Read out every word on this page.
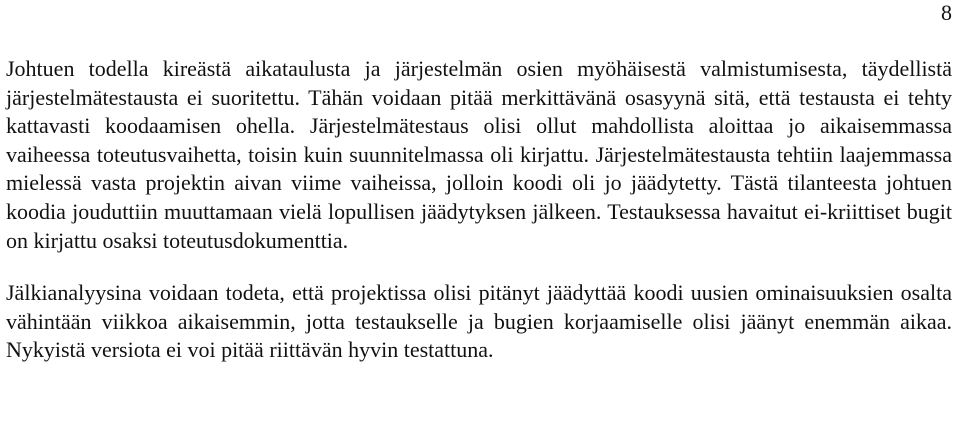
8

Johtuen todella kireästä aikataulusta ja järjestelmän osien myöhäisestä valmistumisesta, täydellistä järjestelmätestausta ei suoritettu. Tähän voidaan pitää merkittävänä osasyynä sitä, että testausta ei tehty kattavasti koodaamisen ohella. Järjestelmätestaus olisi ollut mahdollista aloittaa jo aikaisemmassa vaiheessa toteutusvaihetta, toisin kuin suunnitelmassa oli kirjattu. Järjestelmätestausta tehtiin laajemmassa mielessä vasta projektin aivan viime vaiheissa, jolloin koodi oli jo jäädytetty. Tästä tilanteesta johtuen koodia jouduttiin muuttamaan vielä lopullisen jäädytyksen jälkeen. Testauksessa havaitut ei-kriittiset bugit on kirjattu osaksi toteutusdokumenttia.

Jälkianalyysina voidaan todeta, että projektissa olisi pitänyt jäädyttää koodi uusien ominaisuuksien osalta vähintään viikkoa aikaisemmin, jotta testaukselle ja bugien korjaamiselle olisi jäänyt enemmän aikaa. Nykyistä versiota ei voi pitää riittävän hyvin testattuna.
